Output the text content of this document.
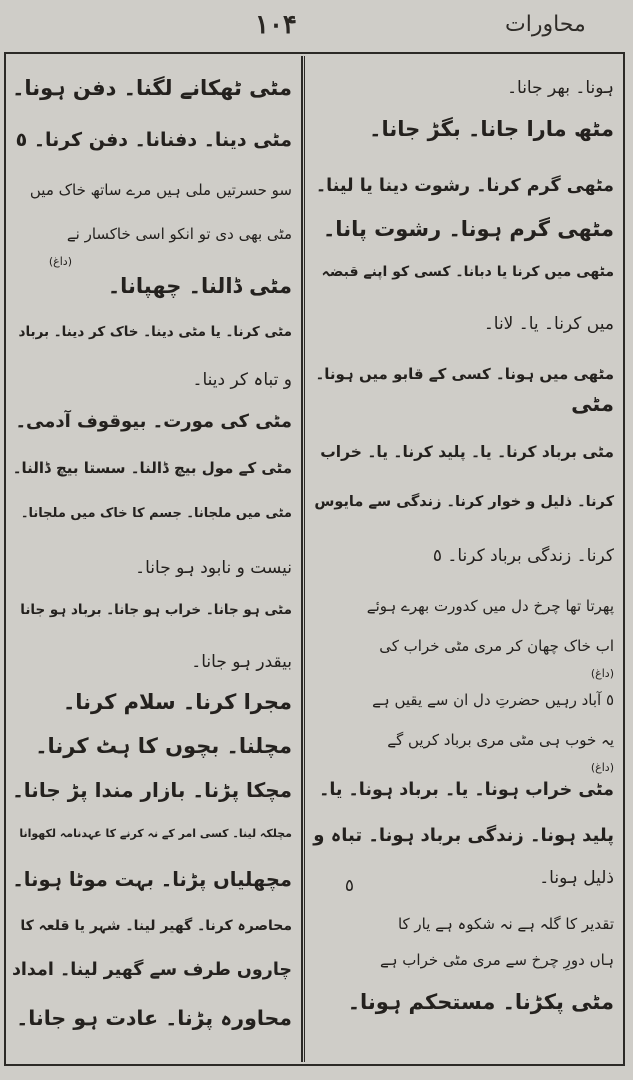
۱۰۴	محاورات
ہونا۔ بھر جانا۔
مٹھ مارا جانا۔ بگڑ جانا۔
مٹھی گرم کرنا۔ رشوت دینا یا لینا۔
مٹھی گرم ہونا۔ رشوت پانا۔
مٹھی میں کرنا یا دبانا۔ کسی کو اپنے قبضہ
میں کرنا۔ یا۔ لانا۔
مٹھی میں ہونا۔ کسی کے قابو میں ہونا۔
مٹی
مٹی برباد کرنا۔ یا۔ پلید کرنا۔ یا۔ خراب
کرنا۔ ذلیل و خوار کرنا۔ زندگی سے مایوس
کرنا۔ زندگی برباد کرنا۔ ٥
پھرتا تھا چرخ دل میں کدورت بھرے ہوئے
اب خاک چھان کر مری مٹی خراب کی
(داغ)
٥ آباد رہیں حضرتِ دل ان سے یقیں ہے
یہ خوب ہی مٹی مری برباد کریں گے
(داغ)
مٹی خراب ہونا۔ یا۔ برباد ہونا۔ یا۔
پلید ہونا۔ زندگی برباد ہونا۔ تباہ و
ذلیل ہونا۔
٥
تقدیر کا گلہ ہے نہ شکوہ ہے یار کا
ہاں دورِ چرخ سے مری مٹی خراب ہے
مٹی پکڑنا۔ مستحکم ہونا۔
مٹی ٹھکانے لگنا۔ دفن ہونا۔
مٹی دینا۔ دفنانا۔ دفن کرنا۔ ٥
سو حسرتیں ملی ہیں مرے ساتھ خاک میں
مٹی بھی دی تو انکو اسی خاکسار نے
(داغ)
مٹی ڈالنا۔ چھپانا۔
مٹی کرنا۔ یا مٹی دینا۔ خاک کر دینا۔ برباد
و تباہ کر دینا۔
مٹی کی مورت۔ بیوقوف آدمی۔
مٹی کے مول بیچ ڈالنا۔ سستا بیچ ڈالنا۔
مٹی میں ملجانا۔ جسم کا خاک میں ملجانا۔
نیست و نابود ہو جانا۔
مٹی ہو جانا۔ خراب ہو جانا۔ برباد ہو جانا
بیقدر ہو جانا۔
مجرا کرنا۔ سلام کرنا۔
مچلنا۔ بچوں کا ہٹ کرنا۔
مچکا پڑنا۔ بازار مندا پڑ جانا۔
مچلکہ لینا۔ کسی امر کے نہ کرنے کا عہدنامہ لکھوانا
مچھلیاں پڑنا۔ بہت موٹا ہونا۔
محاصرہ کرنا۔ گھیر لینا۔ شہر یا قلعہ کا
چاروں طرف سے گھیر لینا۔ امداد
محاورہ پڑنا۔ عادت ہو جانا۔
